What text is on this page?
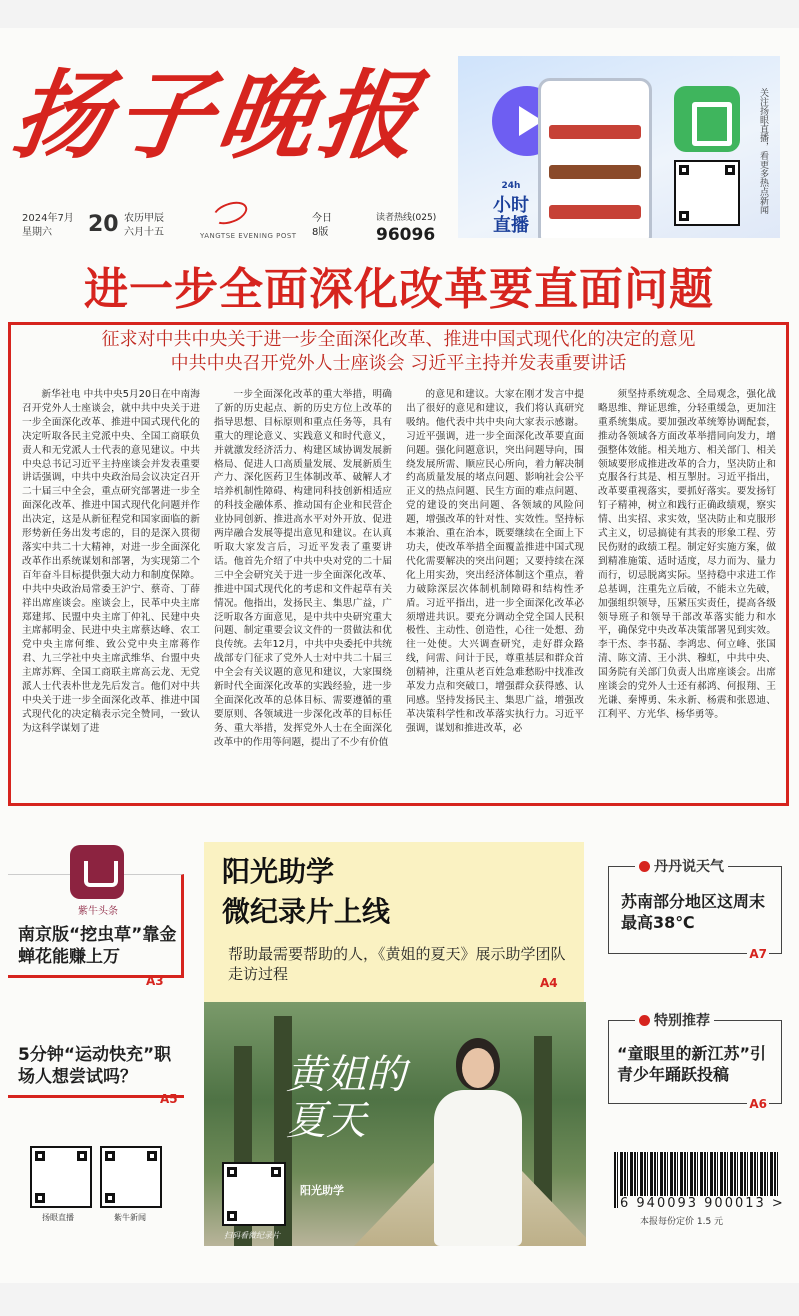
扬子晚报
2024年7月
星期六	20 农历甲辰
六月十五	YANGTSE EVENING POST
今日
8版
读者热线(025)
96096
24h
小时
直播
关注扬眼直播，看更多热点新闻
进一步全面深化改革要直面问题
征求对中共中央关于进一步全面深化改革、推进中国式现代化的决定的意见
中共中央召开党外人士座谈会 习近平主持并发表重要讲话
新华社电 中共中央5月20日在中南海召开党外人士座谈会，就中共中央关于进一步全面深化改革、推进中国式现代化的决定听取各民主党派中央、全国工商联负责人和无党派人士代表的意见建议。中共中央总书记习近平主持座谈会并发表重要讲话强调，中共中央政治局会议决定召开二十届三中全会，重点研究部署进一步全面深化改革、推进中国式现代化问题并作出决定，这是从新征程党和国家面临的新形势新任务出发考虑的，目的是深入贯彻落实中共二十大精神，对进一步全面深化改革作出系统谋划和部署，为实现第二个百年奋斗目标提供强大动力和制度保障。中共中央政治局常委王沪宁、蔡奇、丁薛祥出席座谈会。座谈会上，民革中央主席郑建邦、民盟中央主席丁仲礼、民建中央主席郝明金、民进中央主席蔡达峰、农工党中央主席何维、致公党中央主席蒋作君、九三学社中央主席武维华、台盟中央主席苏辉、全国工商联主席高云龙、无党派人士代表朴世龙先后发言。他们对中共中央关于进一步全面深化改革、推进中国式现代化的决定稿表示完全赞同，一致认为这科学谋划了进
一步全面深化改革的重大举措，明确了新的历史起点、新的历史方位上改革的指导思想、目标原则和重点任务等，具有重大的理论意义、实践意义和时代意义，并就激发经济活力、构建区域协调发展新格局、促进人口高质量发展、发展新质生产力、深化医药卫生体制改革、破解人才培养机制性障碍、构建同科技创新相适应的科技金融体系、推动国有企业和民营企业协同创新、推进高水平对外开放、促进两岸融合发展等提出意见和建议。在认真听取大家发言后，习近平发表了重要讲话。他首先介绍了中共中央对党的二十届三中全会研究关于进一步全面深化改革、推进中国式现代化的考虑和文件起草有关情况。他指出，发扬民主、集思广益，广泛听取各方面意见，是中共中央研究重大问题、制定重要会议文件的一贯做法和优良传统。去年12月，中共中央委托中共统战部专门征求了党外人士对中共二十届三中全会有关议题的意见和建议，大家围绕新时代全面深化改革的实践经验，进一步全面深化改革的总体目标、需要遵循的重要原则、各领域进一步深化改革的目标任务、重大举措，发挥党外人士在全面深化改革中的作用等问题，提出了不少有价值
的意见和建议。大家在刚才发言中提出了很好的意见和建议，我们将认真研究吸纳。他代表中共中央向大家表示感谢。习近平强调，进一步全面深化改革要直面问题。强化问题意识，突出问题导向，围绕发展所需、顺应民心所向，着力解决制约高质量发展的堵点问题、影响社会公平正义的热点问题、民生方面的难点问题、党的建设的突出问题、各领域的风险问题，增强改革的针对性、实效性。坚持标本兼治、重在治本，既要继续在全面上下功夫，使改革举措全面覆盖推进中国式现代化需要解决的突出问题；又要持续在深化上用实劲，突出经济体制这个重点，着力破除深层次体制机制障碍和结构性矛盾。习近平指出，进一步全面深化改革必须增进共识。要充分调动全党全国人民积极性、主动性、创造性，心往一处想、劲往一处使。大兴调查研究，走好群众路线，问需、问计于民，尊重基层和群众首创精神，注重从老百姓急难愁盼中找准改革发力点和突破口，增强群众获得感、认同感。坚持发扬民主、集思广益，增强改革决策科学性和改革落实执行力。习近平强调，谋划和推进改革，必
须坚持系统观念、全局观念，强化战略思维、辩证思维，分轻重缓急，更加注重系统集成。要加强改革统筹协调配套，推动各领域各方面改革举措同向发力，增强整体效能。相关地方、相关部门、相关领域要形成推进改革的合力，坚决防止和克服各行其是、相互掣肘。习近平指出，改革要重视落实，要抓好落实。要发扬钉钉子精神，树立和践行正确政绩观，察实情、出实招、求实效，坚决防止和克服形式主义，切忌搞徒有其表的形象工程、劳民伤财的政绩工程。制定好实施方案，做到精准施策、适时适度，尽力而为、量力而行，切忌脱离实际。坚持稳中求进工作总基调，注重先立后破，不能未立先破，加强组织领导，压紧压实责任，提高各级领导班子和领导干部改革落实能力和水平，确保党中央改革决策部署见到实效。李干杰、李书磊、李鸿忠、何立峰、张国清、陈文清、王小洪、穆虹，中共中央、国务院有关部门负责人出席座谈会。出席座谈会的党外人士还有郝鸿、何报翔、王光谦、秦博勇、朱永新、杨震和张恩迪、江利平、方光华、杨华勇等。
紫牛头条
南京版“挖虫草”靠金蝉花能赚上万
A3
5分钟“运动快充”职场人想尝试吗？
A5
阳光助学
微纪录片上线
帮助最需要帮助的人，《黄姐的夏天》展示助学团队走访过程	A4
黄姐的夏天
阳光助学
扫码看微纪录片
丹丹说天气
苏南部分地区这周末最高38℃
A7
特别推荐
“童眼里的新江苏”引青少年踊跃投稿
A6
扬眼直播	紫牛新闻
6 940093 900013 >
本报每份定价 1.5 元
